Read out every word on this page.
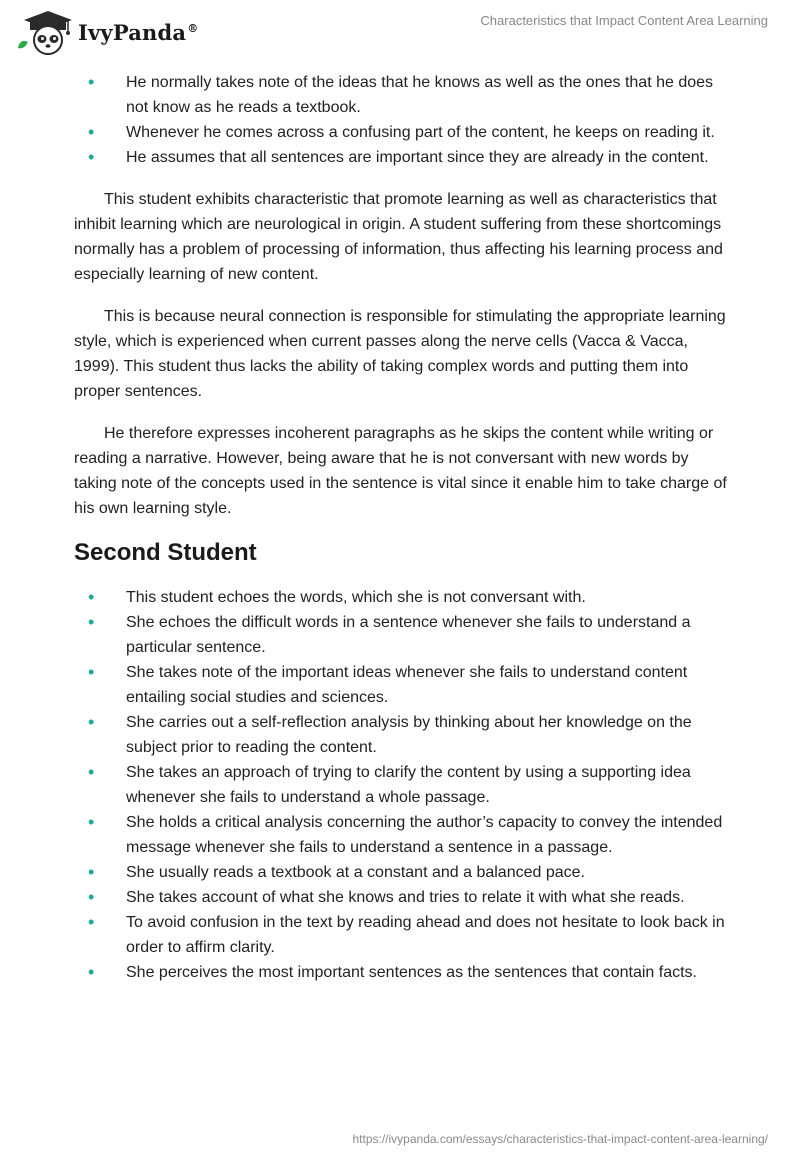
IvyPanda®	Characteristics that Impact Content Area Learning
•	He normally takes note of the ideas that he knows as well as the ones that he does not know as he reads a textbook.
•	Whenever he comes across a confusing part of the content, he keeps on reading it.
•	He assumes that all sentences are important since they are already in the content.

This student exhibits characteristic that promote learning as well as characteristics that inhibit learning which are neurological in origin. A student suffering from these shortcomings normally has a problem of processing of information, thus affecting his learning process and especially learning of new content.

This is because neural connection is responsible for stimulating the appropriate learning style, which is experienced when current passes along the nerve cells (Vacca & Vacca, 1999). This student thus lacks the ability of taking complex words and putting them into proper sentences.

He therefore expresses incoherent paragraphs as he skips the content while writing or reading a narrative. However, being aware that he is not conversant with new words by taking note of the concepts used in the sentence is vital since it enable him to take charge of his own learning style.

Second Student
•	This student echoes the words, which she is not conversant with.
•	She echoes the difficult words in a sentence whenever she fails to understand a particular sentence.
•	She takes note of the important ideas whenever she fails to understand content entailing social studies and sciences.
•	She carries out a self-reflection analysis by thinking about her knowledge on the subject prior to reading the content.
•	She takes an approach of trying to clarify the content by using a supporting idea whenever she fails to understand a whole passage.
•	She holds a critical analysis concerning the author’s capacity to convey the intended message whenever she fails to understand a sentence in a passage.
•	She usually reads a textbook at a constant and a balanced pace.
•	She takes account of what she knows and tries to relate it with what she reads.
•	To avoid confusion in the text by reading ahead and does not hesitate to look back in order to affirm clarity.
•	She perceives the most important sentences as the sentences that contain facts.
https://ivypanda.com/essays/characteristics-that-impact-content-area-learning/
